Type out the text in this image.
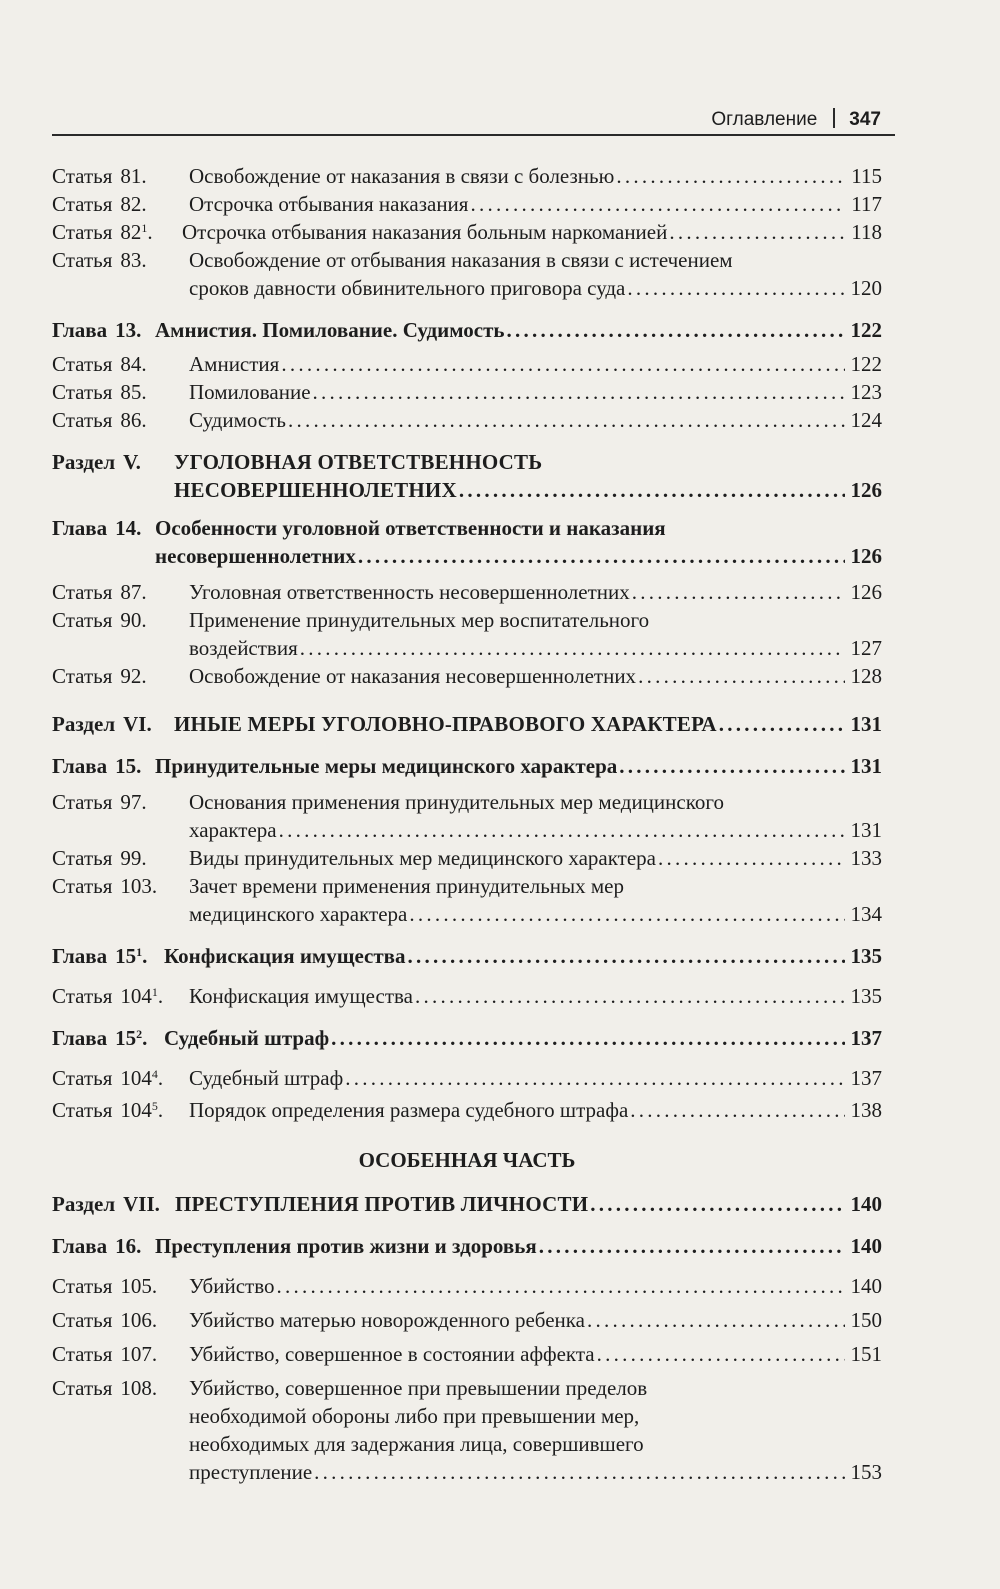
Оглавление 347
Статья 81.	Освобождение от наказания в связи с болезнью . . .	115
Статья 82.	Отсрочка отбывания наказания . . .	117
Статья $82^1$.	Отсрочка отбывания наказания больным наркоманией . . .	118
Статья 83.	Освобождение от отбывания наказания в связи с истечением
сроков давности обвинительного приговора суда . . .	120
Глава 13. Амнистия. Помилование. Судимость . . .	122
Статья 84.	Амнистия . . .	122
Статья 85.	Помилование . . .	123
Статья 86.	Судимость . . .	124
Раздел V.	УГОЛОВНАЯ ОТВЕТСТВЕННОСТЬ
НЕСОВЕРШЕННОЛЕТНИХ . . .	126
Глава 14. Особенности уголовной ответственности и наказания
несовершеннолетних . . .	126
Статья 87.	Уголовная ответственность несовершеннолетних . . .	126
Статья 90.	Применение принудительных мер воспитательного
воздействия . . .	127
Статья 92.	Освобождение от наказания несовершеннолетних . . .	128
Раздел VI.	ИНЫЕ МЕРЫ УГОЛОВНО-ПРАВОВОГО ХАРАКТЕРА . . .	131
Глава 15. Принудительные меры медицинского характера . . .	131
Статья 97.	Основания применения принудительных мер медицинского
характера . . .	131
Статья 99.	Виды принудительных мер медицинского характера . . .	133
Статья 103.	Зачет времени применения принудительных мер
медицинского характера . . .	134
Глава $15^1$. Конфискация имущества . . .	135
Статья $104^1$.	Конфискация имущества . . .	135
Глава $15^2$. Судебный штраф . . .	137
Статья $104^4$.	Судебный штраф . . .	137
Статья $104^5$.	Порядок определения размера судебного штрафа . . .	138
ОСОБЕННАЯ ЧАСТЬ
Раздел VII. ПРЕСТУПЛЕНИЯ ПРОТИВ ЛИЧНОСТИ . . .	140
Глава 16. Преступления против жизни и здоровья . . .	140
Статья 105.	Убийство . . .	140
Статья 106.	Убийство матерью новорожденного ребенка . . .	150
Статья 107.	Убийство, совершенное в состоянии аффекта . . .	151
Статья 108.	Убийство, совершенное при превышении пределов
необходимой обороны либо при превышении мер,
необходимых для задержания лица, совершившего
преступление . . .	153
